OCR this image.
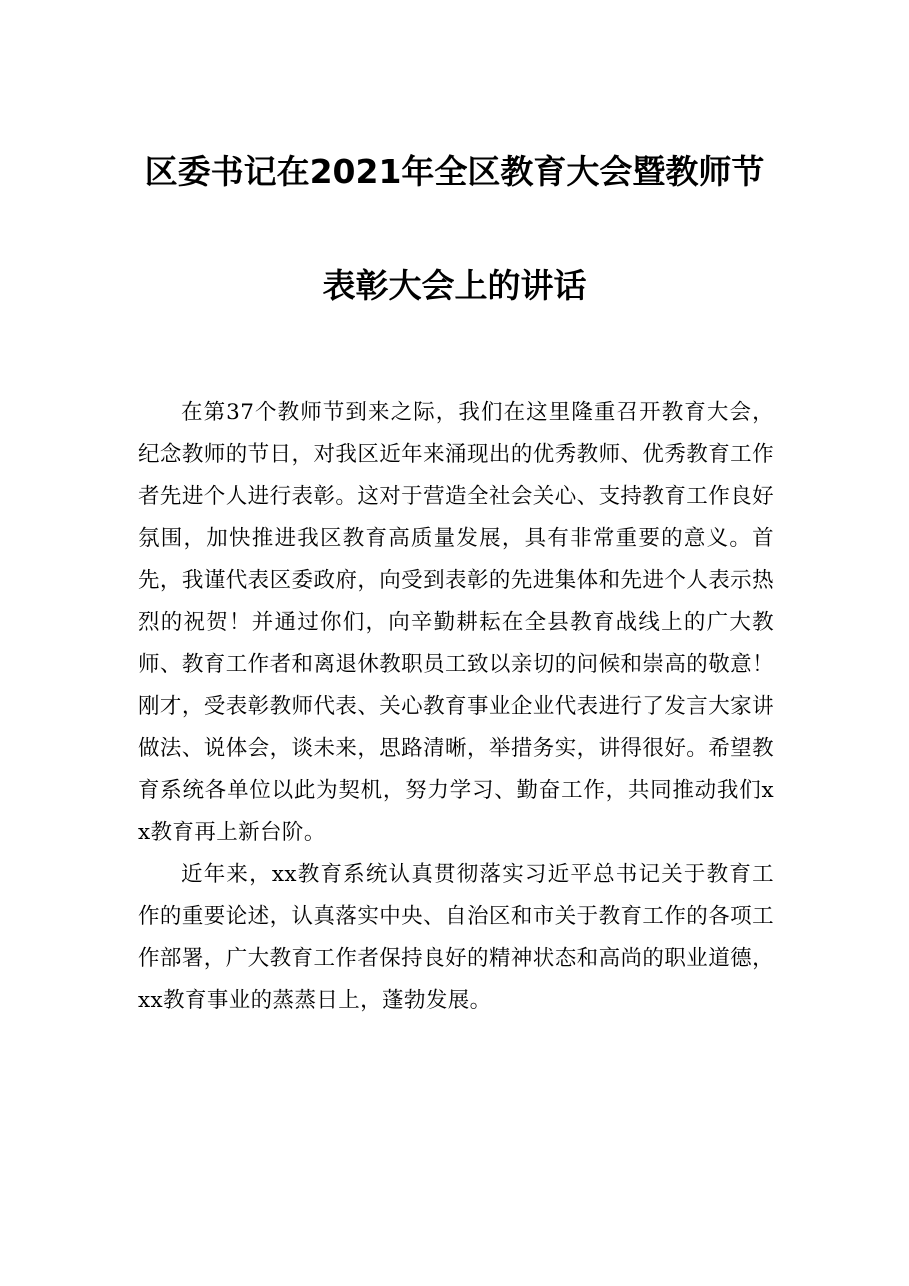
区委书记在2021年全区教育大会暨教师节
表彰大会上的讲话

在第37个教师节到来之际，我们在这里隆重召开教育大会，纪念教师的节日，对我区近年来涌现出的优秀教师、优秀教育工作者先进个人进行表彰。这对于营造全社会关心、支持教育工作良好氛围，加快推进我区教育高质量发展，具有非常重要的意义。首先，我谨代表区委政府，向受到表彰的先进集体和先进个人表示热烈的祝贺！并通过你们，向辛勤耕耘在全县教育战线上的广大教师、教育工作者和离退休教职员工致以亲切的问候和崇高的敬意！刚才，受表彰教师代表、关心教育事业企业代表进行了发言大家讲做法、说体会，谈未来，思路清晰，举措务实，讲得很好。希望教育系统各单位以此为契机，努力学习、勤奋工作，共同推动我们xx教育再上新台阶。

近年来，xx教育系统认真贯彻落实习近平总书记关于教育工作的重要论述，认真落实中央、自治区和市关于教育工作的各项工作部署，广大教育工作者保持良好的精神状态和高尚的职业道德，xx教育事业的蒸蒸日上，蓬勃发展。
